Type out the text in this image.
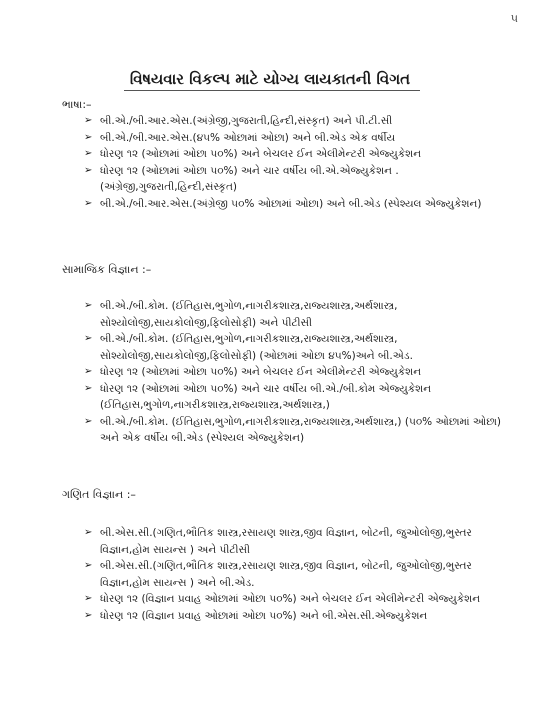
૫
વિષયવાર વિકલ્પ માટે યોગ્ય લાયકાતની વિગત
ભાષા:–
➢ બી.એ./બી.આર.એસ.(અંગ્રેજી,ગુજરાતી,હિન્દી,સંસ્કૃત) અને પી.ટી.સી
➢ બી.એ./બી.આર.એસ.(૪૫% ઓછામાં ઓછા) અને બી.એડ એક વર્ષીય
➢ ધોરણ ૧૨ (ઓછામાં ઓછા ૫૦%) અને બેચલર ઈન એલીમેન્ટરી એજ્યુકેશન
➢ ધોરણ ૧૨ (ઓછામાં ઓછા ૫૦%) અને ચાર વર્ષીય બી.એ.એજ્યુકેશન . (અંગ્રેજી,ગુજરાતી,હિન્દી,સંસ્કૃત)
➢ બી.એ./બી.આર.એસ.(અંગ્રેજી ૫૦% ઓછામાં ઓછા) અને બી.એડ (સ્પેશ્યલ એજ્યુકેશન)
સામાજિક વિજ્ઞાન :–
➢ બી.એ./બી.કોમ. (ઈતિહાસ,ભુગોળ,નાગરીકશાસ્ત્ર,રાજ્યશાસ્ત્ર,અર્થશાસ્ત્ર, સોશ્યોલોજી,સાયકોલોજી,ફિલોસોફી) અને પીટીસી
➢ બી.એ./બી.કોમ. (ઈતિહાસ,ભુગોળ,નાગરીકશાસ્ત્ર,રાજ્યશાસ્ત્ર,અર્થશાસ્ત્ર, સોશ્યોલોજી,સાયકોલોજી,ફિલોસોફી) (ઓછામાં ઓછા ૪૫%)અને બી.એડ.
➢ ધોરણ ૧૨ (ઓછામાં ઓછા ૫૦%) અને બેચલર ઈન એલીમેન્ટરી એજ્યુકેશન
➢ ધોરણ ૧૨ (ઓછામાં ઓછા ૫૦%) અને ચાર વર્ષીય બી.એ./બી.કોમ એજ્યુકેશન (ઈતિહાસ,ભુગોળ,નાગરીકશાસ્ત્ર,રાજ્યશાસ્ત્ર,અર્થશાસ્ત્ર,)
➢ બી.એ./બી.કોમ. (ઈતિહાસ,ભુગોળ,નાગરીકશાસ્ત્ર,રાજ્યશાસ્ત્ર,અર્થશાસ્ત્ર,) (૫૦% ઓછામાં ઓછા) અને એક વર્ષીય બી.એડ (સ્પેશ્યલ એજ્યુકેશન)
ગણિત વિજ્ઞાન :–
➢ બી.એસ.સી.(ગણિત,ભૌતિક શાસ્ત્ર,રસાયણ શાસ્ત્ર,જીવ વિજ્ઞાન, બોટની, જુઓલોજી,ભુસ્તર વિજ્ઞાન,હોમ સાયન્સ ) અને પીટીસી
➢ બી.એસ.સી.(ગણિત,ભૌતિક શાસ્ત્ર,રસાયણ શાસ્ત્ર,જીવ વિજ્ઞાન, બોટની, જુઓલોજી,ભુસ્તર વિજ્ઞાન,હોમ સાયન્સ ) અને બી.એડ.
➢ ધોરણ ૧૨ (વિજ્ઞાન પ્રવાહ ઓછામાં ઓછા ૫૦%) અને બેચલર ઈન એલીમેન્ટરી એજ્યુકેશન
➢ ધોરણ ૧૨ (વિજ્ઞાન પ્રવાહ ઓછામાં ઓછા ૫૦%) અને બી.એસ.સી.એજ્યુકેશન
